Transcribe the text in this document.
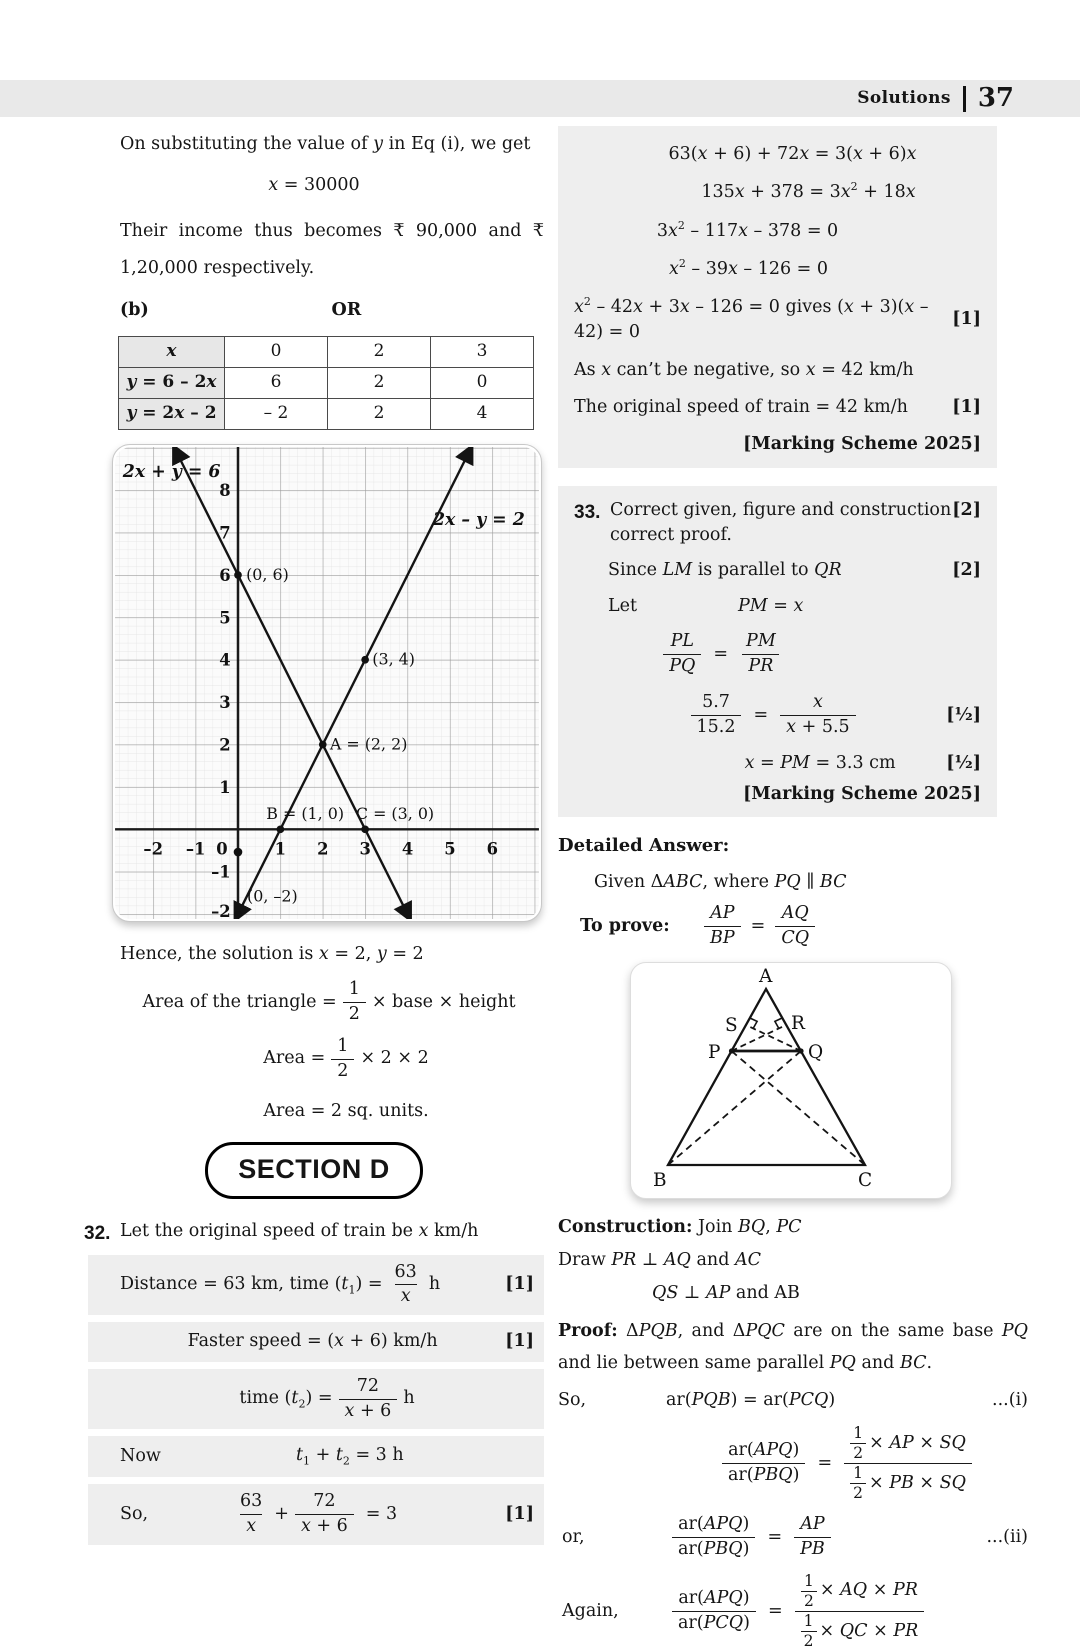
Solutions 37
On substituting the value of y in Eq (i), we get
x = 30000
Their income thus becomes ₹ 90,000 and ₹ 1,20,000 respectively.
(b)	OR
x	0	2	3
y = 6 – 2x	6	2	0
y = 2x – 2	– 2	2	4
2x + y = 6
2x – y = 2
(0, 6)
(3, 4)
A = (2, 2)
B = (1, 0) C = (3, 0)
(0, –2)
8
7
6
5
4
3
2
1
–1
–2
–2 –1 0	1 2 3 4 5 6
Hence, the solution is x = 2, y = 2
Area of the triangle = $\frac{1}{2}$ × base × height
Area = $\frac{1}{2} \times 2 \times 2$
Area = 2 sq. units.
SECTION D
32. Let the original speed of train be x km/h
Distance = 63 km, time $(t_1) = \frac{63}{x}$ h	[1]
Faster speed = (x + 6) km/h	[1]
time $(t_2) = \frac{72}{x + 6}$ h
Now	$t_1 + t_2 = 3$ h
So,	$\frac{63}{x} + \frac{72}{x + 6} = 3$	[1]
63(x + 6) + 72x = 3(x + 6)x
$135x + 378 = 3x^2 + 18x$
$3x^2 - 117x - 378 = 0$
$x^2 - 39x - 126 = 0$
$x^2 - 42x + 3x - 126 = 0$ gives (x + 3)(x – 42) = 0
[1]
As x can’t be negative, so x = 42 km/h
The original speed of train = 42 km/h	[1]
[Marking Scheme 2025]
33. Correct given, figure and construction correct proof.
[2]
Since LM is parallel to QR	[2]
Let	PM = x
$\frac{PL}{PQ} = \frac{PM}{PR}$
$\frac{5.7}{15.2} = \frac{x}{x + 5.5}$	[½]
x = PM = 3.3 cm	[½]
[Marking Scheme 2025]
Detailed Answer:
Given ΔABC, where PQ ∥ BC
To prove:	$\frac{AP}{BP} = \frac{AQ}{CQ}$
A
B	C
P	Q
S	R
Construction: Join BQ, PC
Draw PR ⊥ AQ and AC
QS ⊥ AP and AB
Proof: ΔPQB, and ΔPQC are on the same base PQ and lie between same parallel PQ and BC.
So,	ar(PQB) = ar(PCQ)	...(i)
$\frac{\text{ar(APQ)}}{\text{ar(PBQ)}} = \frac{\frac{1}{2} \times AP \times SQ}{\frac{1}{2} \times PB \times SQ}$
or,	$\frac{\text{ar(APQ)}}{\text{ar(PBQ)}} = \frac{AP}{PB}$	...(ii)
Again,	$\frac{\text{ar(APQ)}}{\text{ar(PCQ)}} = \frac{\frac{1}{2} \times AQ \times PR}{\frac{1}{2} \times QC \times PR}$
